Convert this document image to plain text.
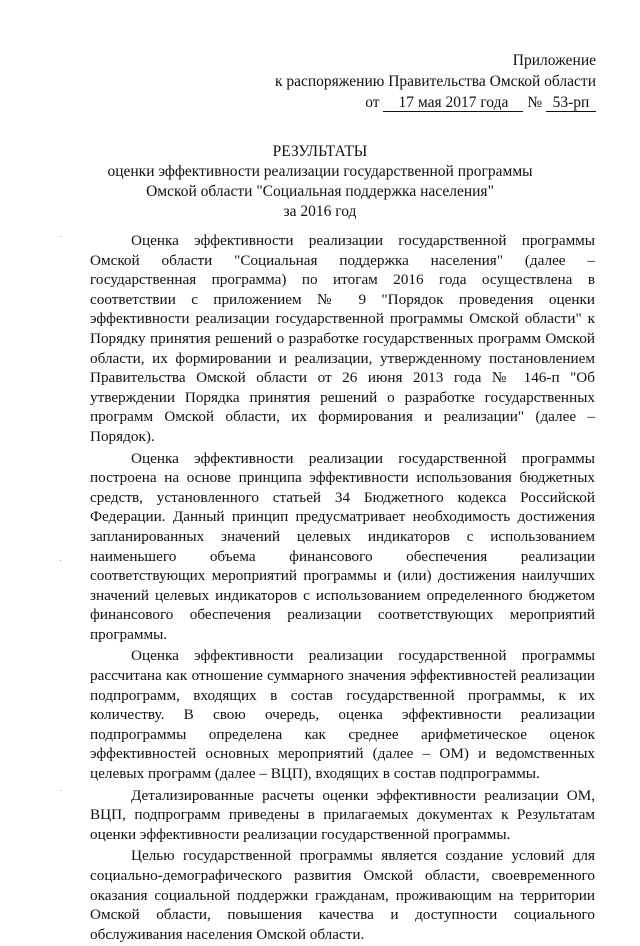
Приложение
к распоряжению Правительства Омской области
от 17 мая 2017 года № 53-рп
РЕЗУЛЬТАТЫ
оценки эффективности реализации государственной программы
Омской области "Социальная поддержка населения"
за 2016 год

Оценка эффективности реализации государственной программы Омской области "Социальная поддержка населения" (далее – государственная программа) по итогам 2016 года осуществлена в соответствии с приложением № 9 "Порядок проведения оценки эффективности реализации государственной программы Омской области" к Порядку принятия решений о разработке государственных программ Омской области, их формировании и реализации, утвержденному постановлением Правительства Омской области от 26 июня 2013 года № 146-п "Об утверждении Порядка принятия решений о разработке государственных программ Омской области, их формирования и реализации" (далее – Порядок).

Оценка эффективности реализации государственной программы построена на основе принципа эффективности использования бюджетных средств, установленного статьей 34 Бюджетного кодекса Российской Федерации. Данный принцип предусматривает необходимость достижения запланированных значений целевых индикаторов с использованием наименьшего объема финансового обеспечения реализации соответствующих мероприятий программы и (или) достижения наилучших значений целевых индикаторов с использованием определенного бюджетом финансового обеспечения реализации соответствующих мероприятий программы.

Оценка эффективности реализации государственной программы рассчитана как отношение суммарного значения эффективностей реализации подпрограмм, входящих в состав государственной программы, к их количеству. В свою очередь, оценка эффективности реализации подпрограммы определена как среднее арифметическое оценок эффективностей основных мероприятий (далее – ОМ) и ведомственных целевых программ (далее – ВЦП), входящих в состав подпрограммы.

Детализированные расчеты оценки эффективности реализации ОМ, ВЦП, подпрограмм приведены в прилагаемых документах к Результатам оценки эффективности реализации государственной программы.

Целью государственной программы является создание условий для социально-демографического развития Омской области, своевременного оказания социальной поддержки гражданам, проживающим на территории Омской области, повышения качества и доступности социального обслуживания населения Омской области.
